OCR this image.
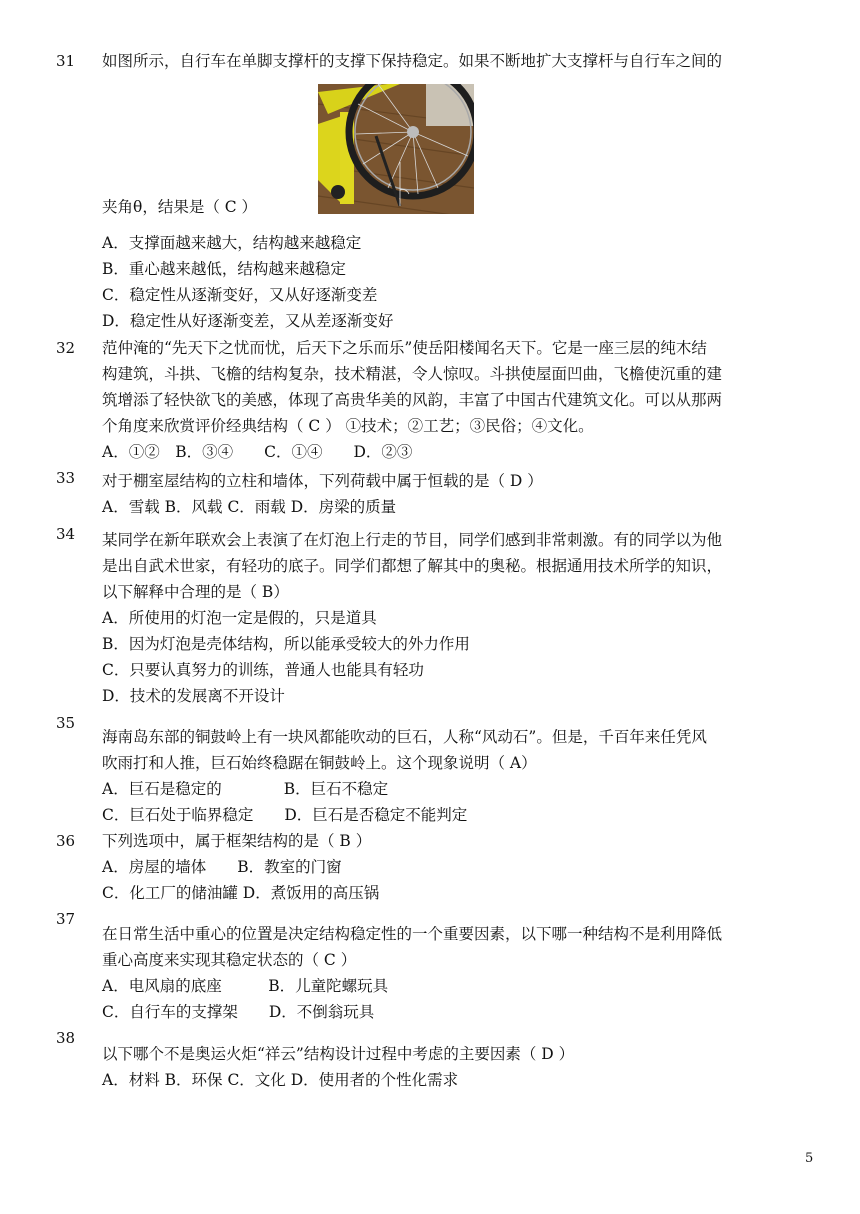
31 如图所示，自行车在单脚支撑杆的支撑下保持稳定。如果不断地扩大支撑杆与自行车之间的
夹角θ，结果是（ C ）
A．支撑面越来越大，结构越来越稳定
B．重心越来越低，结构越来越稳定
C．稳定性从逐渐变好，又从好逐渐变差
D．稳定性从好逐渐变差，又从差逐渐变好
32 范仲淹的“先天下之忧而忧，后天下之乐而乐”使岳阳楼闻名天下。它是一座三层的纯木结
构建筑，斗拱、飞檐的结构复杂，技术精湛，令人惊叹。斗拱使屋面凹曲，飞檐使沉重的建
筑增添了轻快欲飞的美感，体现了高贵华美的风韵，丰富了中国古代建筑文化。可以从那两
个角度来欣赏评价经典结构（ C ） ①技术；②工艺；③民俗；④文化。
A．①②　B．③④　　C．①④　　D．②③
33 对于棚室屋结构的立柱和墙体，下列荷载中属于恒载的是（ D ）
A．雪载 B．风载 C．雨载 D．房梁的质量
34 某同学在新年联欢会上表演了在灯泡上行走的节目，同学们感到非常刺激。有的同学以为他
是出自武术世家，有轻功的底子。同学们都想了解其中的奥秘。根据通用技术所学的知识，
以下解释中合理的是（ B）
A．所使用的灯泡一定是假的，只是道具
B．因为灯泡是壳体结构，所以能承受较大的外力作用
C．只要认真努力的训练，普通人也能具有轻功
D．技术的发展离不开设计
35
海南岛东部的铜鼓岭上有一块风都能吹动的巨石，人称“风动石”。但是，千百年来任凭风
吹雨打和人推，巨石始终稳踞在铜鼓岭上。这个现象说明（ A）
A．巨石是稳定的　　　　B．巨石不稳定
C．巨石处于临界稳定　　D．巨石是否稳定不能判定
36 下列选项中，属于框架结构的是（ B ）
A．房屋的墙体　　B．教室的门窗
C．化工厂的储油罐 D．煮饭用的高压锅
37
在日常生活中重心的位置是决定结构稳定性的一个重要因素，以下哪一种结构不是利用降低
重心高度来实现其稳定状态的（ C ）
A．电风扇的底座　　　B．儿童陀螺玩具
C．自行车的支撑架　　D．不倒翁玩具
38
以下哪个不是奥运火炬“祥云”结构设计过程中考虑的主要因素（ D ）
A．材料 B．环保 C．文化 D．使用者的个性化需求
5
